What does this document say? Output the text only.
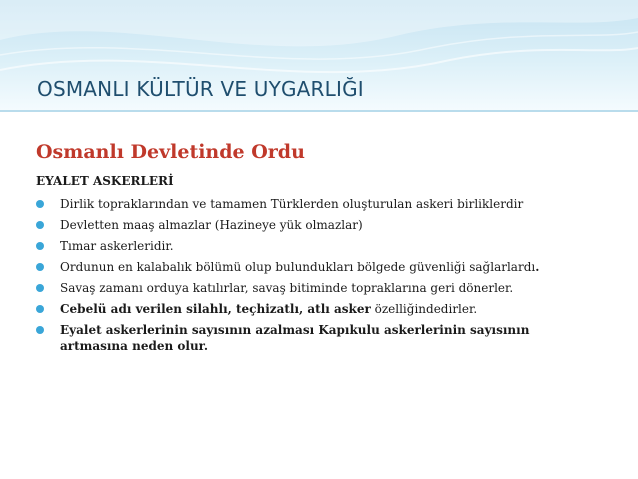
OSMANLI KÜLTÜR VE UYGARLIĞI
Osmanlı Devletinde Ordu
EYALET ASKERLERİ
Dirlik topraklarından ve tamamen Türklerden oluşturulan askeri birliklerdir
Devletten maaş almazlar (Hazineye yük olmazlar)
Tımar askerleridir.
Ordunun en kalabalık bölümü olup bulundukları bölgede güvenliği sağlarlardı.
Savaş zamanı orduya katılırlar, savaş bitiminde topraklarına geri dönerler.
Cebelü adı verilen silahlı, teçhizatlı, atlı asker özelliğindedirler.
Eyalet askerlerinin sayısının azalması Kapıkulu askerlerinin sayısının artmasına neden olur.
